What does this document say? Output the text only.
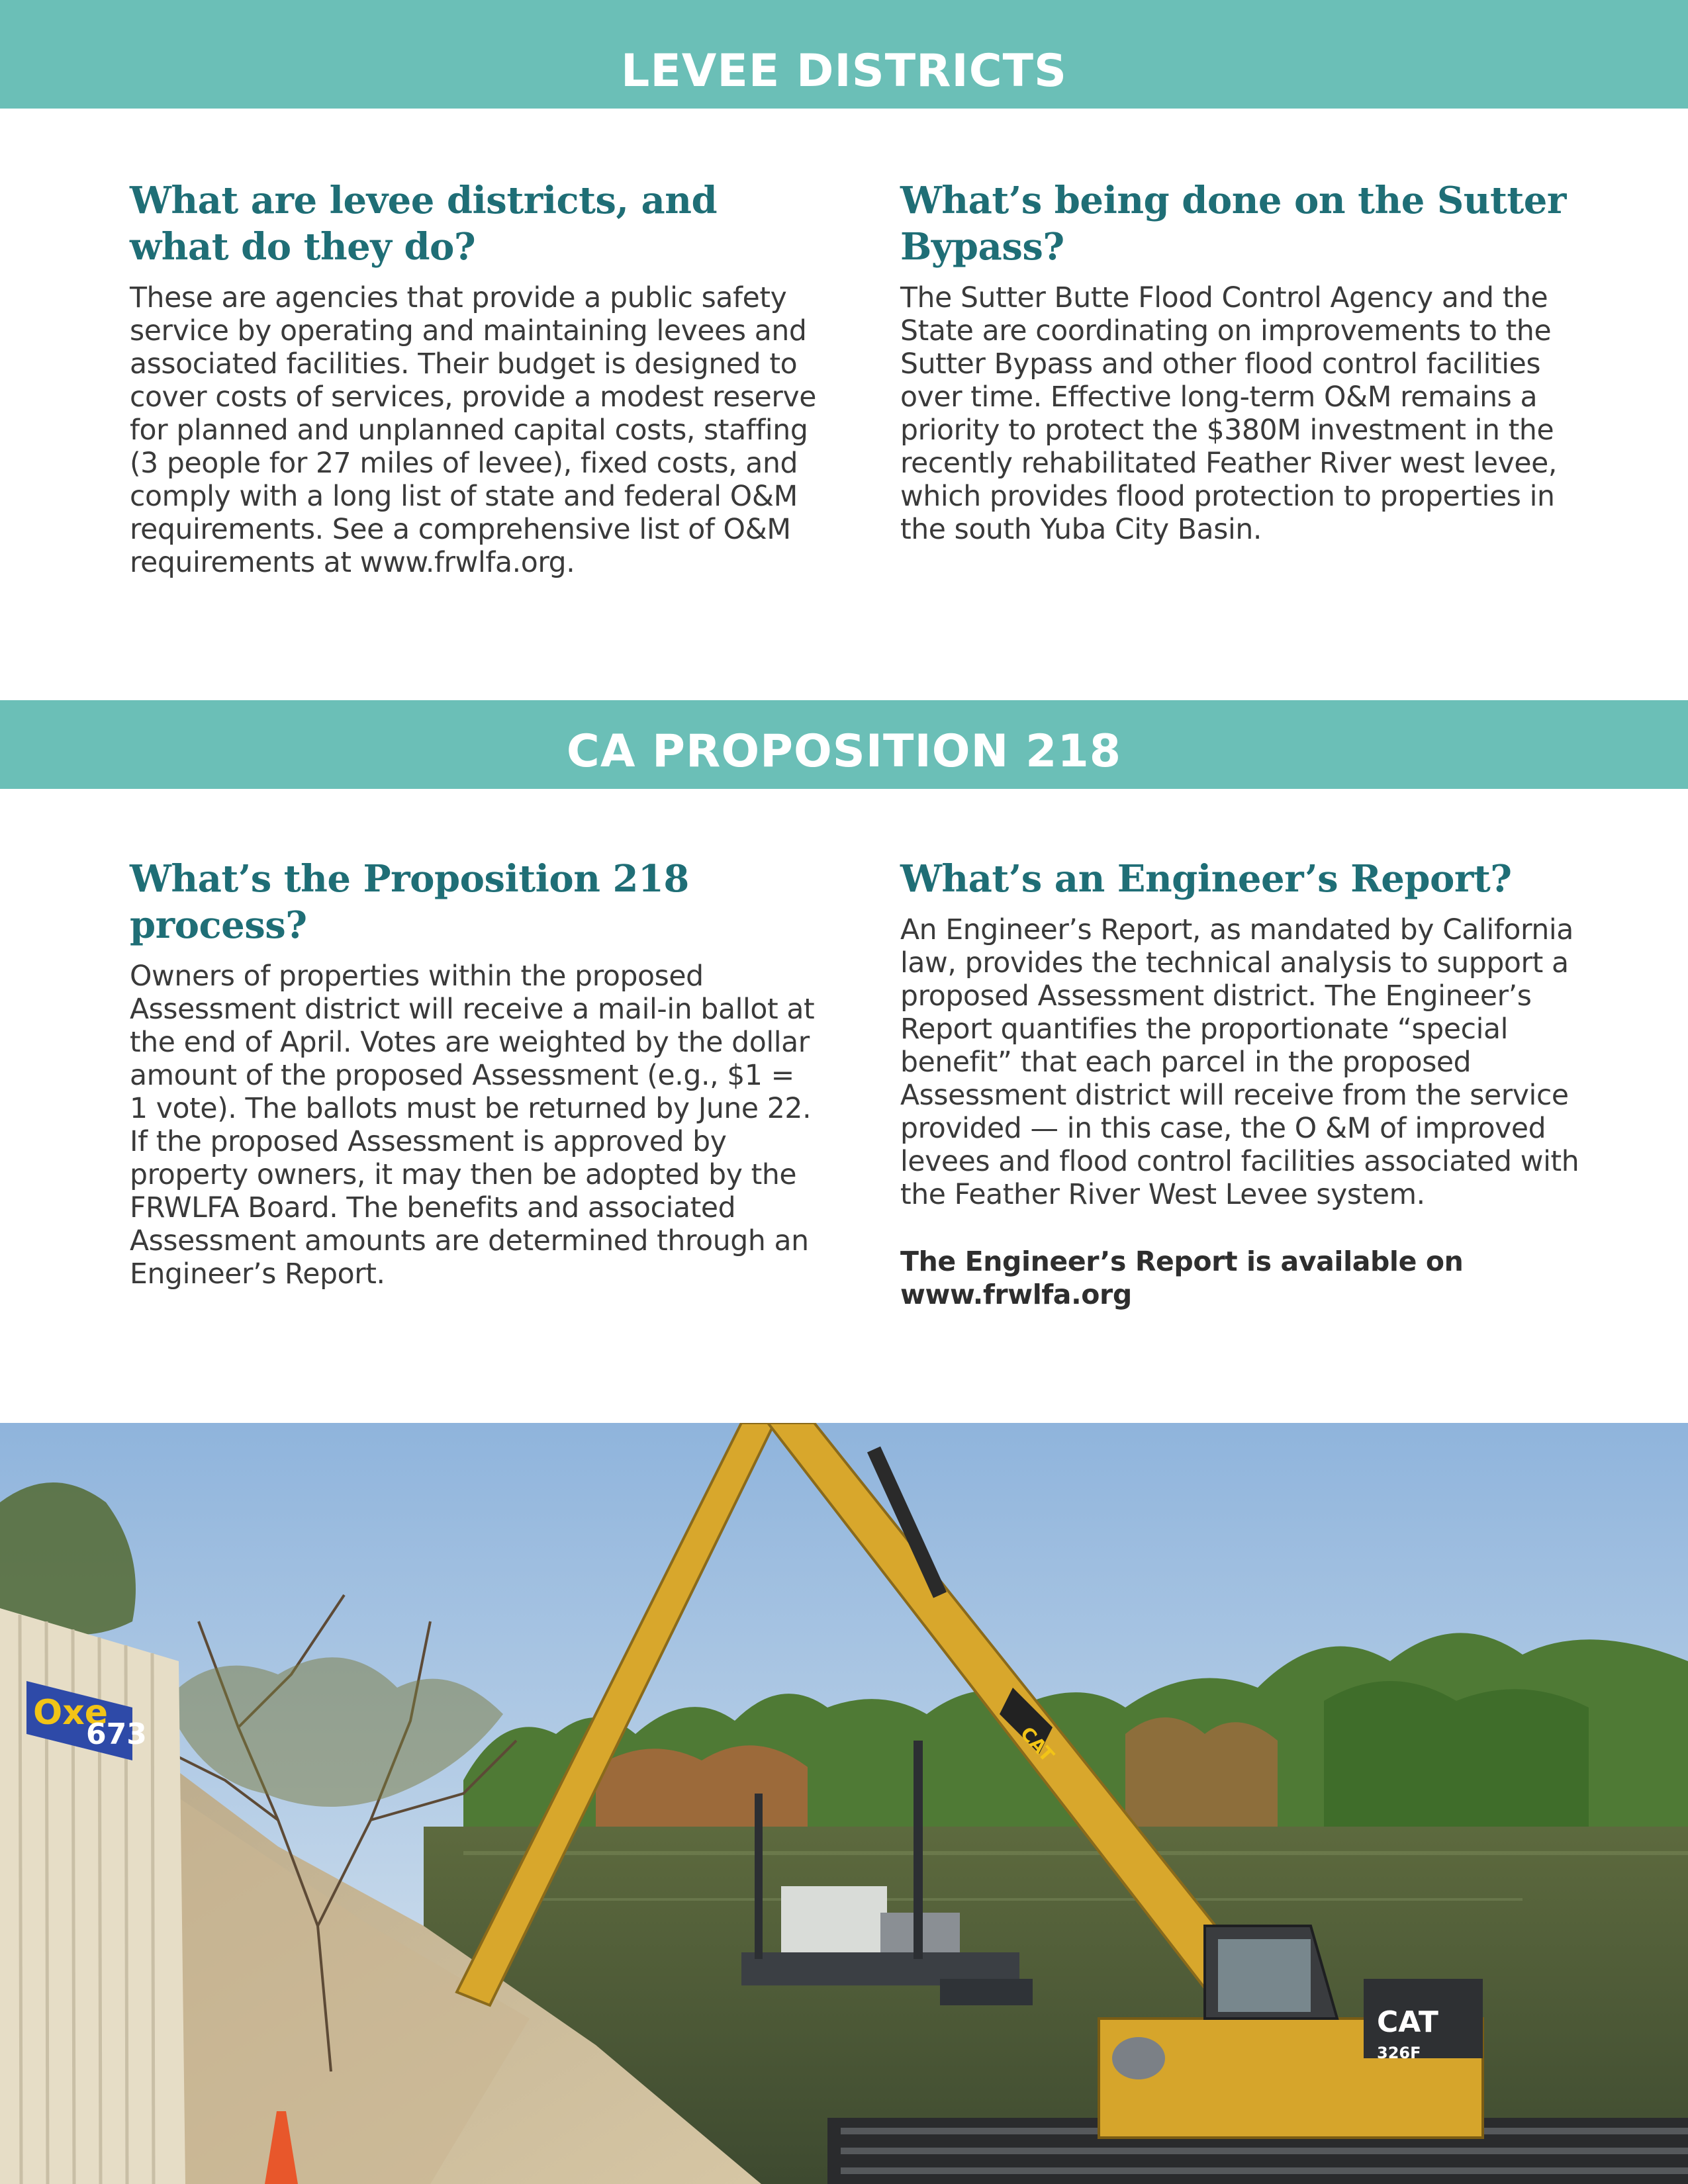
LEVEE DISTRICTS
What are levee districts, and what do they do?

These are agencies that provide a public safety service by operating and maintaining levees and associated facilities. Their budget is designed to cover costs of services, provide a modest reserve for planned and unplanned capital costs, staffing (3 people for 27 miles of levee), fixed costs, and comply with a long list of state and federal O&M requirements. See a comprehensive list of O&M requirements at www.frwlfa.org.

What’s being done on the Sutter Bypass?

The Sutter Butte Flood Control Agency and the State are coordinating on improvements to the Sutter Bypass and other flood control facilities over time. Effective long-term O&M remains a priority to protect the $380M investment in the recently rehabilitated Feather River west levee, which provides flood protection to properties in the south Yuba City Basin.

CA PROPOSITION 218
What’s the Proposition 218 process?

Owners of properties within the proposed Assessment district will receive a mail-in ballot at the end of April. Votes are weighted by the dollar amount of the proposed Assessment (e.g., $1 = 1 vote). The ballots must be returned by June 22. If the proposed Assessment is approved by property owners, it may then be adopted by the FRWLFA Board. The benefits and associated Assessment amounts are determined through an Engineer’s Report.

What’s an Engineer’s Report?

An Engineer’s Report, as mandated by California law, provides the technical analysis to support a proposed Assessment district. The Engineer’s Report quantifies the proportionate “special benefit” that each parcel in the proposed Assessment district will receive from the service provided — in this case, the O &M of improved levees and flood control facilities associated with the Feather River West Levee system.

The Engineer’s Report is available on www.frwlfa.org

Oxe
673	CAT
CAT
326F
